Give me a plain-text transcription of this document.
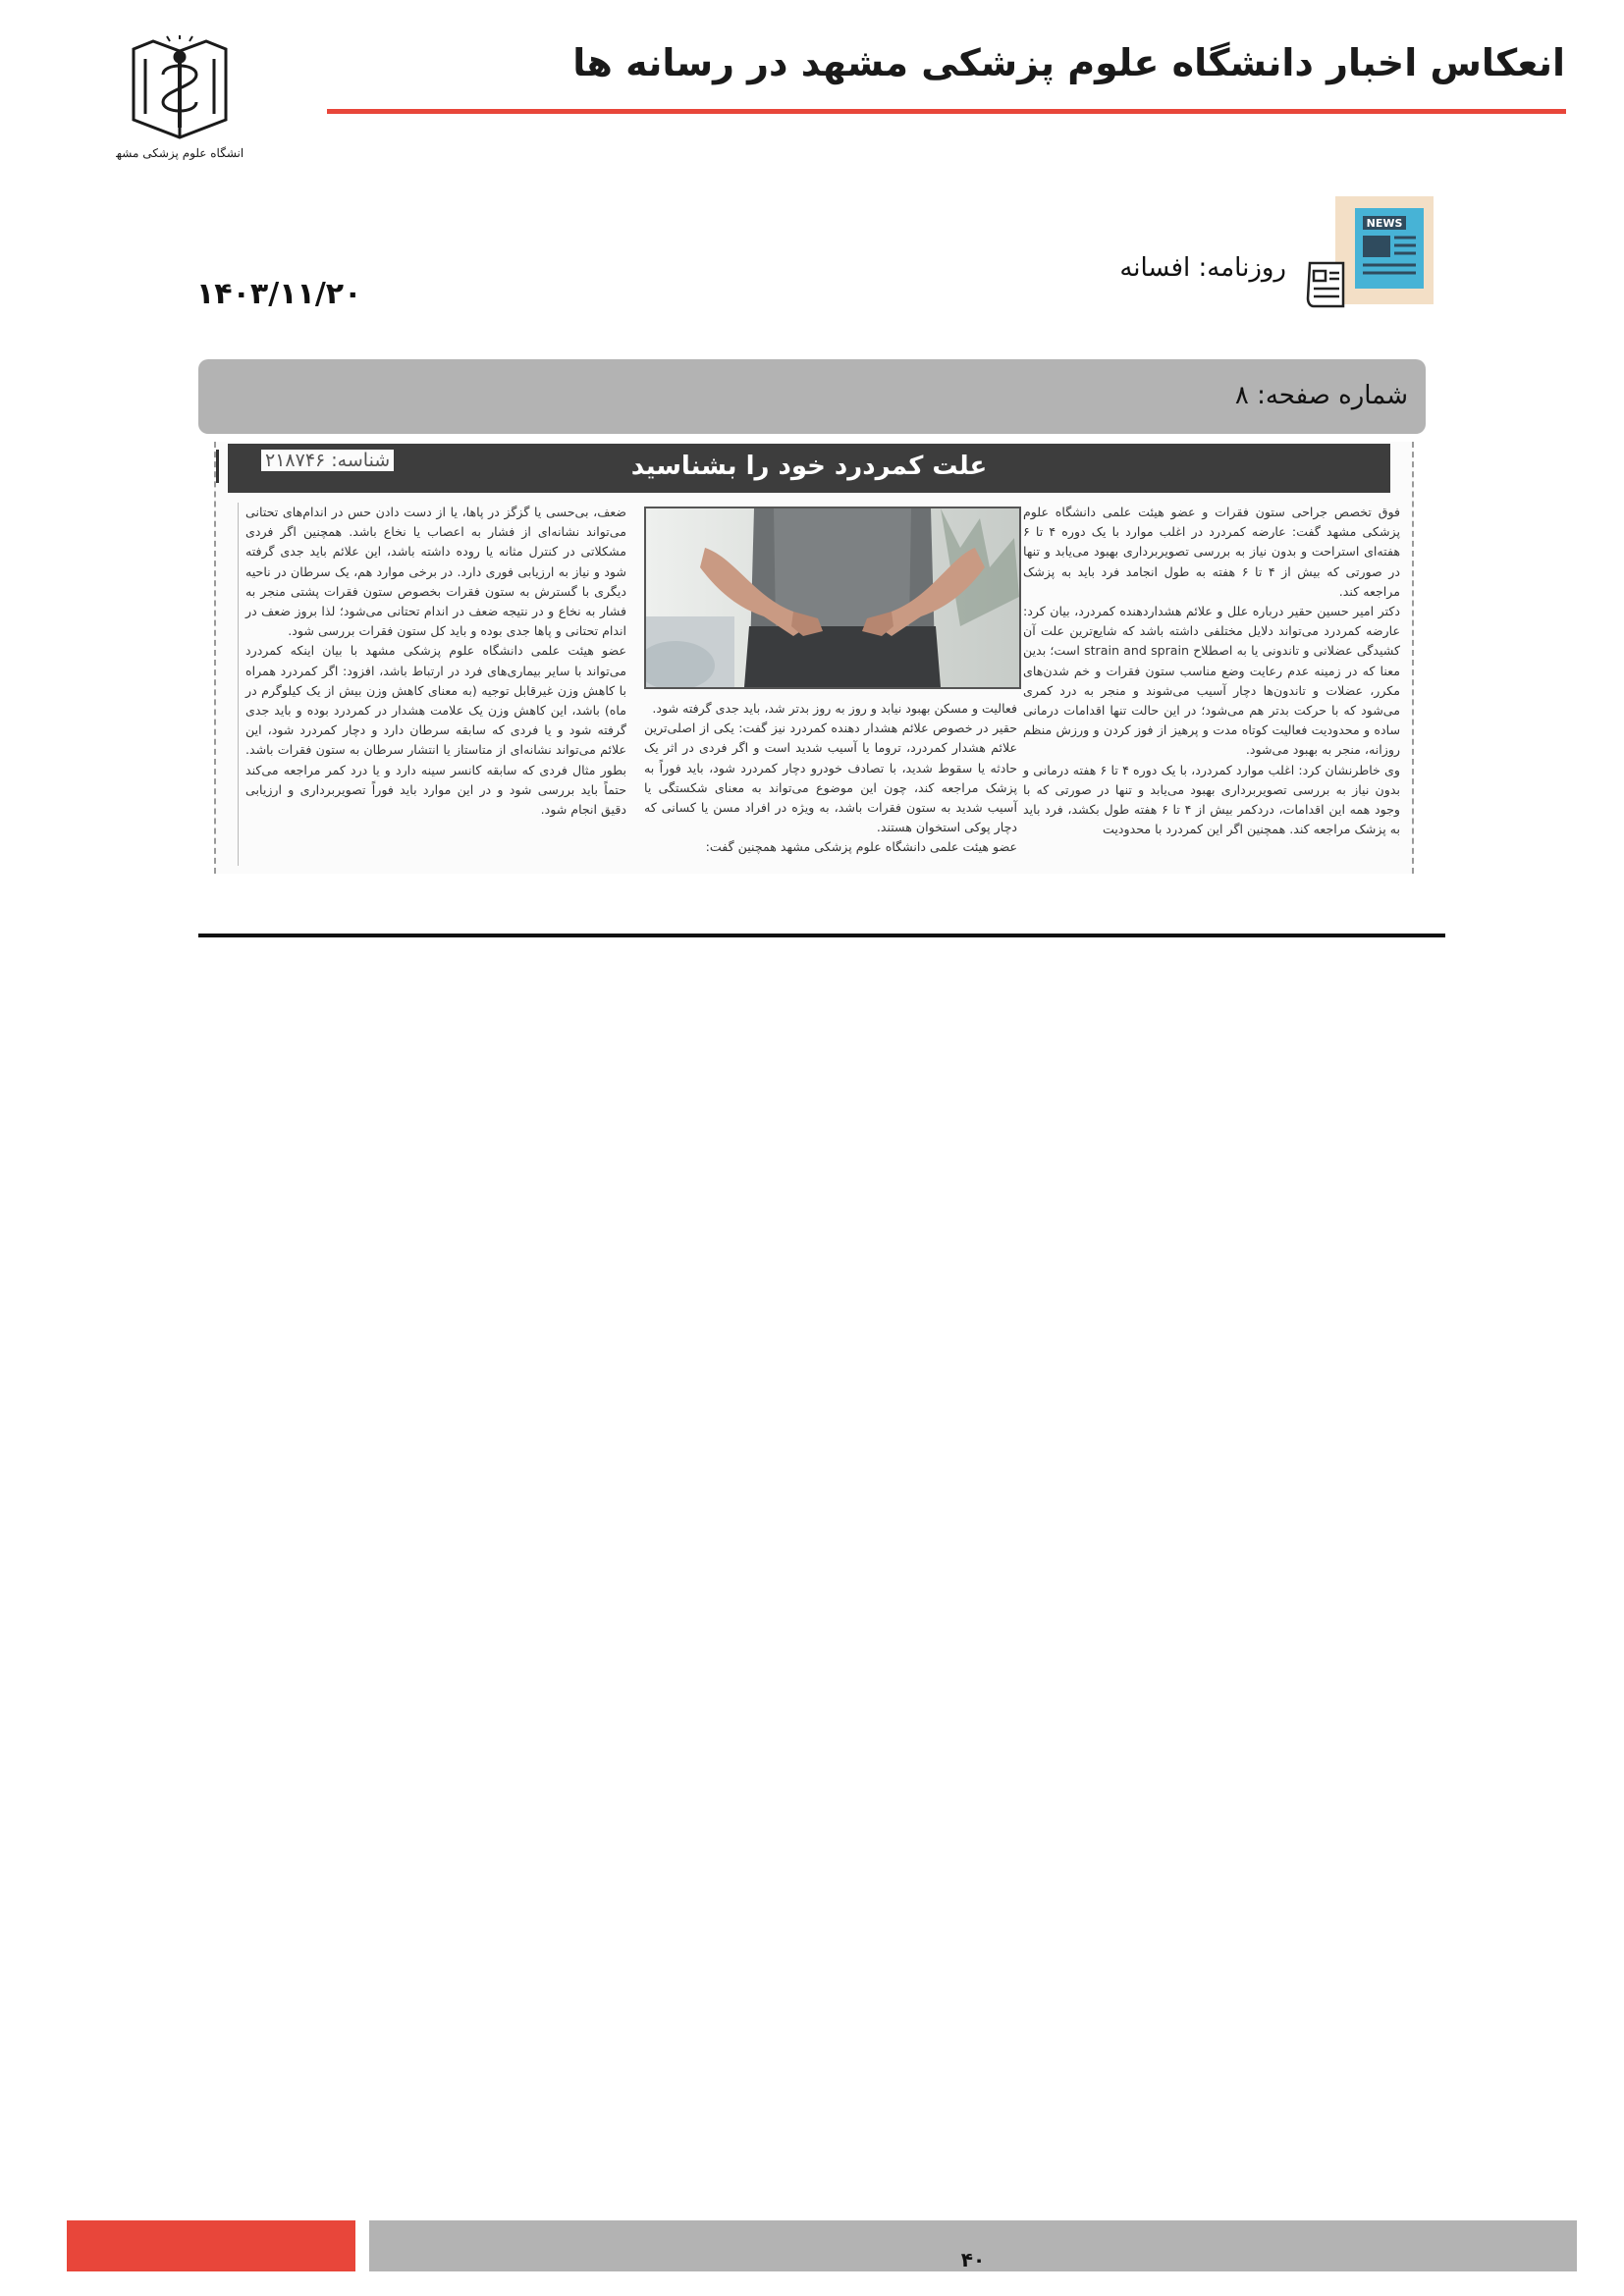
انعکاس اخبار دانشگاه علوم پزشکی مشهد در رسانه ها
دانشگاه علوم پزشکی مشهد
NEWS
روزنامه: افسانه
۱۴۰۳/۱۱/۲۰
شماره صفحه: ۸
علت کمردرد خود را بشناسید
شناسه: ۲۱۸۷۴۶

فوق تخصص جراحی ستون فقرات و عضو هیئت علمی دانشگاه علوم پزشکی مشهد گفت: عارضه کمردرد در اغلب موارد با یک دوره ۴ تا ۶ هفته‌ای استراحت و بدون نیاز به بررسی تصویربرداری بهبود می‌یابد و تنها در صورتی که بیش از ۴ تا ۶ هفته به طول انجامد فرد باید به پزشک مراجعه کند.

دکتر امیر حسین حقیر درباره علل و علائم هشداردهنده کمردرد، بیان کرد: عارضه کمردرد می‌تواند دلایل مختلفی داشته باشد که شایع‌ترین علت آن کشیدگی عضلانی و تاندونی یا به اصطلاح strain and sprain است؛ بدین معنا که در زمینه عدم رعایت وضع مناسب ستون فقرات و خم شدن‌های مکرر، عضلات و تاندون‌ها دچار آسیب می‌شوند و منجر به درد کمری می‌شود که با حرکت بدتر هم می‌شود؛ در این حالت تنها اقدامات درمانی ساده و محدودیت فعالیت کوتاه مدت و پرهیز از فوز کردن و ورزش منظم روزانه، منجر به بهبود می‌شود.

وی خاطرنشان کرد: اغلب موارد کمردرد، با یک دوره ۴ تا ۶ هفته درمانی و بدون نیاز به بررسی تصویربرداری بهبود می‌یابد و تنها در صورتی که با وجود همه این اقدامات، دردکمر بیش از ۴ تا ۶ هفته طول بکشد، فرد باید به پزشک مراجعه کند. همچنین اگر این کمردرد با محدودیت

فعالیت و مسکن بهبود نیابد و روز به روز بدتر شد، باید جدی گرفته شود.

حقیر در خصوص علائم هشدار دهنده کمردرد نیز گفت: یکی از اصلی‌ترین علائم هشدار کمردرد، تروما یا آسیب شدید است و اگر فردی در اثر یک حادثه یا سقوط شدید، با تصادف خودرو دچار کمردرد شود، باید فوراً به پزشک مراجعه کند، چون این موضوع می‌تواند به معنای شکستگی یا آسیب شدید به ستون فقرات باشد، به ویژه در افراد مسن یا کسانی که دچار پوکی استخوان هستند.

عضو هیئت علمی دانشگاه علوم پزشکی مشهد همچنین گفت:

ضعف، بی‌حسی یا گزگز در پاها، یا از دست دادن حس در اندام‌های تحتانی می‌تواند نشانه‌ای از فشار به اعصاب یا نخاع باشد. همچنین اگر فردی مشکلاتی در کنترل مثانه یا روده داشته باشد، این علائم باید جدی گرفته شود و نیاز به ارزیابی فوری دارد. در برخی موارد هم، یک سرطان در ناحیه دیگری با گسترش به ستون فقرات بخصوص ستون فقرات پشتی منجر به فشار به نخاع و در نتیجه ضعف در اندام تحتانی می‌شود؛ لذا بروز ضعف در اندام تحتانی و پاها جدی بوده و باید کل ستون فقرات بررسی شود.

عضو هیئت علمی دانشگاه علوم پزشکی مشهد با بیان اینکه کمردرد می‌تواند با سایر بیماری‌های فرد در ارتباط باشد، افزود: اگر کمردرد همراه با کاهش وزن غیرقابل توجیه (به معنای کاهش وزن بیش از یک کیلوگرم در ماه) باشد، این کاهش وزن یک علامت هشدار در کمردرد بوده و باید جدی گرفته شود و یا فردی که سابقه سرطان دارد و دچار کمردرد شود، این علائم می‌تواند نشانه‌ای از متاستاز یا انتشار سرطان به ستون فقرات باشد. بطور مثال فردی که سابقه کانسر سینه دارد و یا درد کمر مراجعه می‌کند حتماً باید بررسی شود و در این موارد باید فوراً تصویربرداری و ارزیابی دقیق انجام شود.

۴۰
